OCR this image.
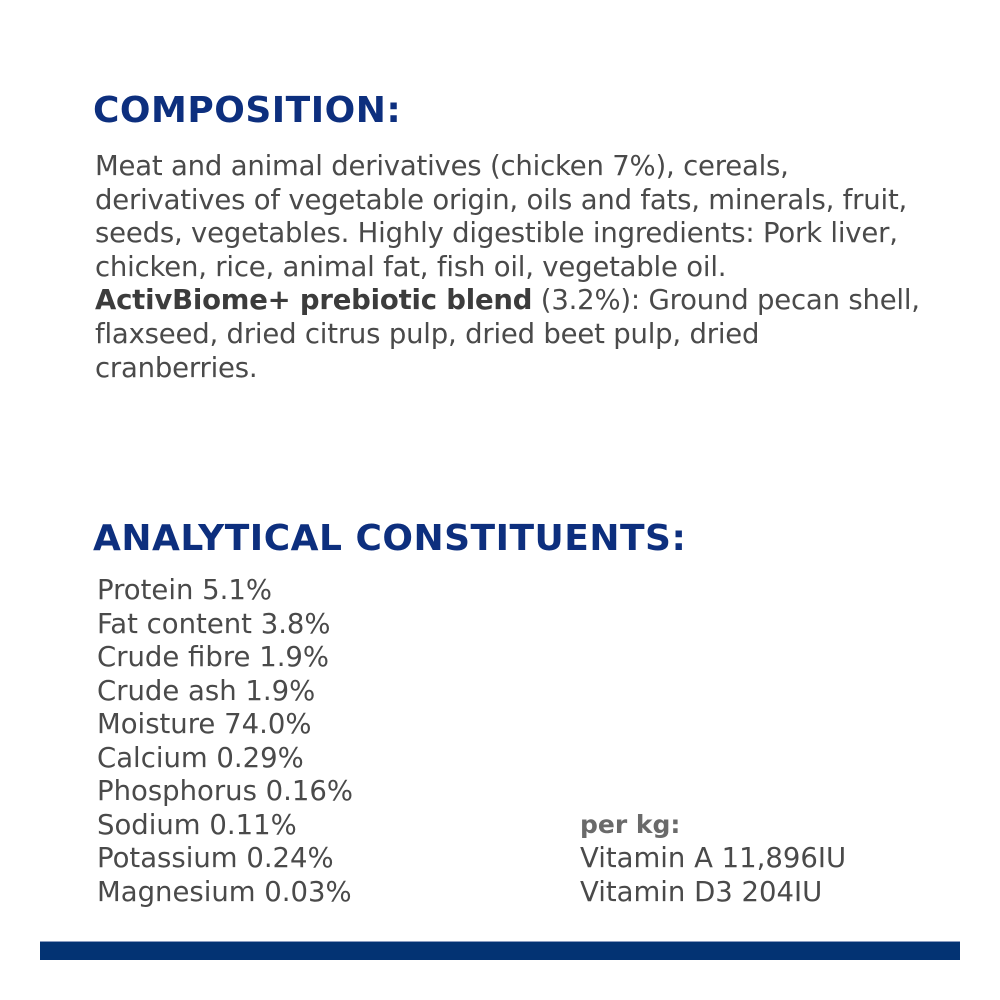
COMPOSITION:

Meat and animal derivatives (chicken 7%), cereals, derivatives of vegetable origin, oils and fats, minerals, fruit, seeds, vegetables. Highly digestible ingredients: Pork liver, chicken, rice, animal fat, fish oil, vegetable oil. ActivBiome+ prebiotic blend (3.2%): Ground pecan shell, flaxseed, dried citrus pulp, dried beet pulp, dried cranberries.

ANALYTICAL CONSTITUENTS:
Protein 5.1%
Fat content 3.8%
Crude fibre 1.9%
Crude ash 1.9%
Moisture 74.0%
Calcium 0.29%
Phosphorus 0.16%
Sodium 0.11%
Potassium 0.24%
Magnesium 0.03%
per kg:
Vitamin A 11,896IU
Vitamin D3 204IU
